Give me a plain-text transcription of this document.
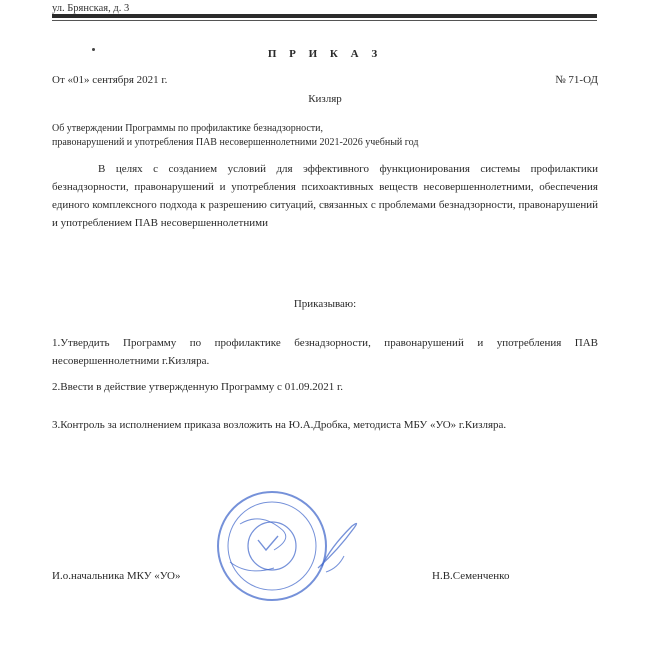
ул. Брянская, д. 3
П Р И К А З
От «01» сентября 2021 г.	№ 71-ОД
Кизляр
Об утверждении Программы по профилактике безнадзорности,
правонарушений и употребления ПАВ несовершеннолетними 2021-2026 учебный год
В целях с созданием условий для эффективного функционирования системы профилактики безнадзорности, правонарушений и употребления психоактивных веществ несовершеннолетними, обеспечения единого комплексного подхода к разрешению ситуаций, связанных с проблемами безнадзорности, правонарушений и употреблением ПАВ несовершеннолетними
Приказываю:
1.Утвердить Программу по профилактике безнадзорности, правонарушений и употребления ПАВ несовершеннолетними г.Кизляра.
2.Ввести в действие утвержденную Программу с 01.09.2021 г.
3.Контроль за исполнением приказа возложить на Ю.А.Дробка, методиста МБУ «УО» г.Кизляра.
И.о.начальника МКУ «УО»	Н.В.Семенченко
